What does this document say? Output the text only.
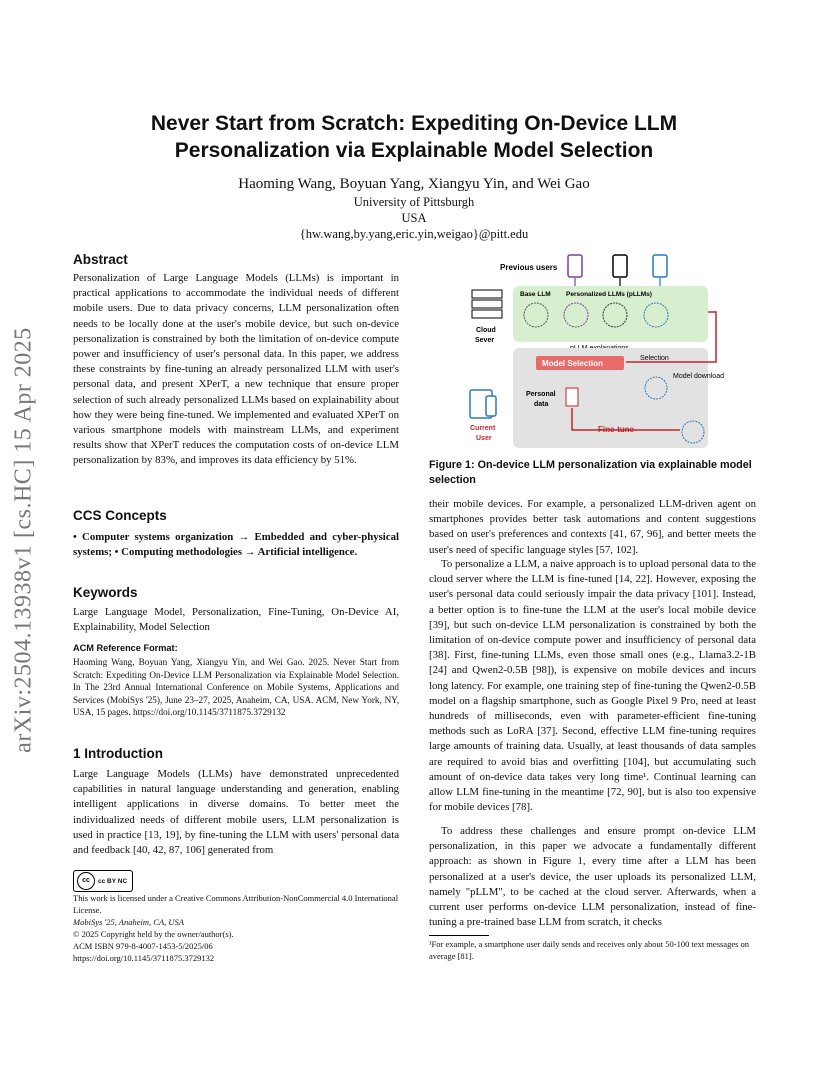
arXiv:2504.13938v1 [cs.HC] 15 Apr 2025
Never Start from Scratch: Expediting On-Device LLM
Personalization via Explainable Model Selection
Haoming Wang, Boyuan Yang, Xiangyu Yin, and Wei Gao
University of Pittsburgh
USA
{hw.wang,by.yang,eric.yin,weigao}@pitt.edu
Abstract
Personalization of Large Language Models (LLMs) is important in practical applications to accommodate the individual needs of different mobile users. Due to data privacy concerns, LLM personalization often needs to be locally done at the user's mobile device, but such on-device personalization is constrained by both the limitation of on-device compute power and insufficiency of user's personal data. In this paper, we address these constraints by fine-tuning an already personalized LLM with user's personal data, and present XPerT, a new technique that ensure proper selection of such already personalized LLMs based on explainability about how they were being fine-tuned. We implemented and evaluated XPerT on various smartphone models with mainstream LLMs, and experiment results show that XPerT reduces the computation costs of on-device LLM personalization by 83%, and improves its data efficiency by 51%.
CCS Concepts
• Computer systems organization → Embedded and cyber-physical systems; • Computing methodologies → Artificial intelligence.
Keywords
Large Language Model, Personalization, Fine-Tuning, On-Device AI, Explainability, Model Selection
ACM Reference Format:
Haoming Wang, Boyuan Yang, Xiangyu Yin, and Wei Gao. 2025. Never Start from Scratch: Expediting On-Device LLM Personalization via Explainable Model Selection. In The 23rd Annual International Conference on Mobile Systems, Applications and Services (MobiSys '25), June 23–27, 2025, Anaheim, CA, USA. ACM, New York, NY, USA, 15 pages. https://doi.org/10.1145/3711875.3729132
1 Introduction
Large Language Models (LLMs) have demonstrated unprecedented capabilities in natural language understanding and generation, enabling intelligent applications in diverse domains. To better meet the individualized needs of different mobile users, LLM personalization is used in practice [13, 19], by fine-tuning the LLM with users' personal data and feedback [40, 42, 87, 106] generated from
cc	cc BY NC
This work is licensed under a Creative Commons Attribution-NonCommercial 4.0 International License.
MobiSys '25, Anaheim, CA, USA
© 2025 Copyright held by the owner/author(s).
ACM ISBN 979-8-4007-1453-5/2025/06
https://doi.org/10.1145/3711875.3729132
Previous users
Base LLM Personalized LLMs (pLLMs)
Cloud
Sever
Model Selection
Selection
Model download
Personal
data
Fine-tune
Current
User
Figure 1: On-device LLM personalization via explainable model selection
their mobile devices. For example, a personalized LLM-driven agent on smartphones provides better task automations and content suggestions based on user's preferences and contexts [41, 67, 96], and better meets the user's need of specific language styles [57, 102].
To personalize a LLM, a naive approach is to upload personal data to the cloud server where the LLM is fine-tuned [14, 22]. However, exposing the user's personal data could seriously impair the data privacy [101]. Instead, a better option is to fine-tune the LLM at the user's local mobile device [39], but such on-device LLM personalization is constrained by both the limitation of on-device compute power and insufficiency of personal data [38]. First, fine-tuning LLMs, even those small ones (e.g., Llama3.2-1B [24] and Qwen2-0.5B [98]), is expensive on mobile devices and incurs long latency. For example, one training step of fine-tuning the Qwen2-0.5B model on a flagship smartphone, such as Google Pixel 9 Pro, need at least hundreds of milliseconds, even with parameter-efficient fine-tuning methods such as LoRA [37]. Second, effective LLM fine-tuning requires large amounts of training data. Usually, at least thousands of data samples are required to avoid bias and overfitting [104], but accumulating such amount of on-device data takes very long time¹. Continual learning can allow LLM fine-tuning in the meantime [72, 90], but is also too expensive for mobile devices [78].
To address these challenges and ensure prompt on-device LLM personalization, in this paper we advocate a fundamentally different approach: as shown in Figure 1, every time after a LLM has been personalized at a user's device, the user uploads its personalized LLM, namely "pLLM", to be cached at the cloud server. Afterwards, when a current user performs on-device LLM personalization, instead of fine-tuning a pre-trained base LLM from scratch, it checks
¹For example, a smartphone user daily sends and receives only about 50-100 text messages on average [81].
